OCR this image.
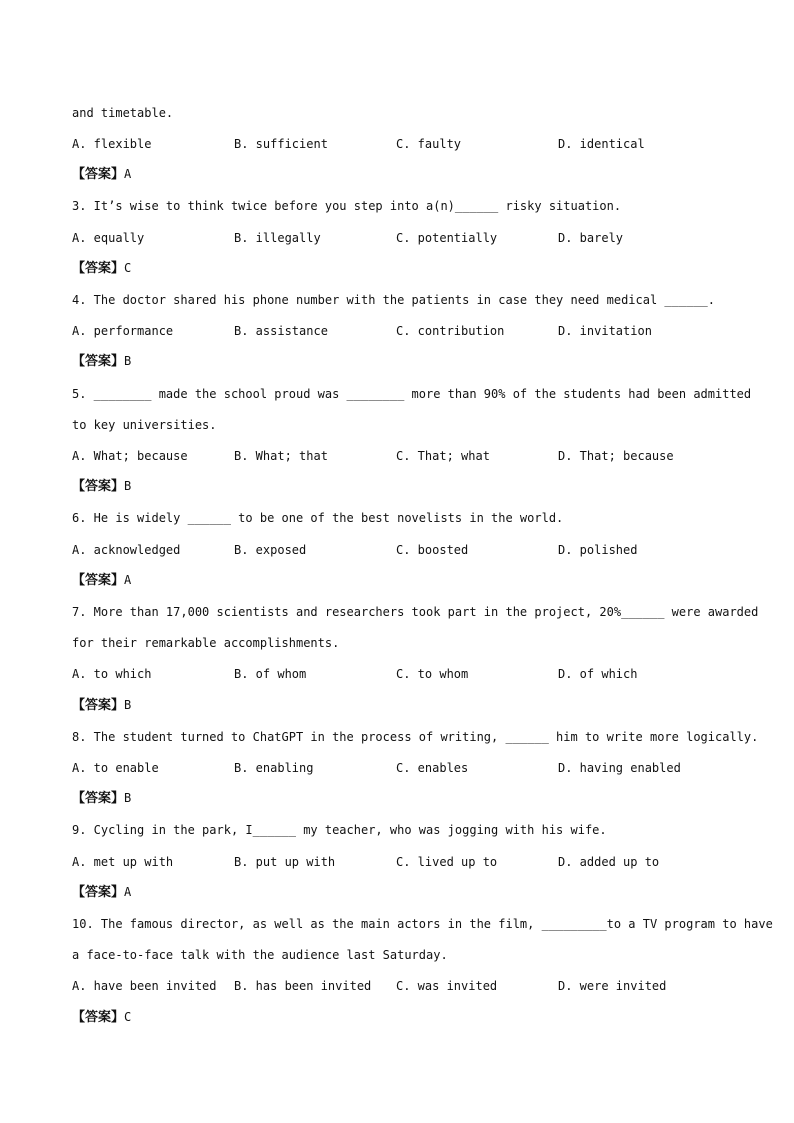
and timetable.
A. flexible	B. sufficient	C. faulty	D. identical
【答案】A
3. It’s wise to think twice before you step into a(n)______ risky situation.
A. equally	B. illegally	C. potentially	D. barely
【答案】C
4. The doctor shared his phone number with the patients in case they need medical ______.
A. performance	B. assistance	C. contribution	D. invitation
【答案】B
5. ________ made the school proud was ________ more than 90% of the students had been admitted
to key universities.
A. What; because	B. What; that	C. That; what	D. That; because
【答案】B
6. He is widely ______ to be one of the best novelists in the world.
A. acknowledged	B. exposed	C. boosted	D. polished
【答案】A
7. More than 17,000 scientists and researchers took part in the project, 20%______ were awarded
for their remarkable accomplishments.
A. to which	B. of whom	C. to whom	D. of which
【答案】B
8. The student turned to ChatGPT in the process of writing, ______ him to write more logically.
A. to enable	B. enabling	C. enables	D. having enabled
【答案】B
9. Cycling in the park, I______ my teacher, who was jogging with his wife.
A. met up with	B. put up with	C. lived up to	D. added up to
【答案】A
10. The famous director, as well as the main actors in the film, _________to a TV program to have
a face-to-face talk with the audience last Saturday.
A. have been invited B. has been invited C. was invited	D. were invited
【答案】C
